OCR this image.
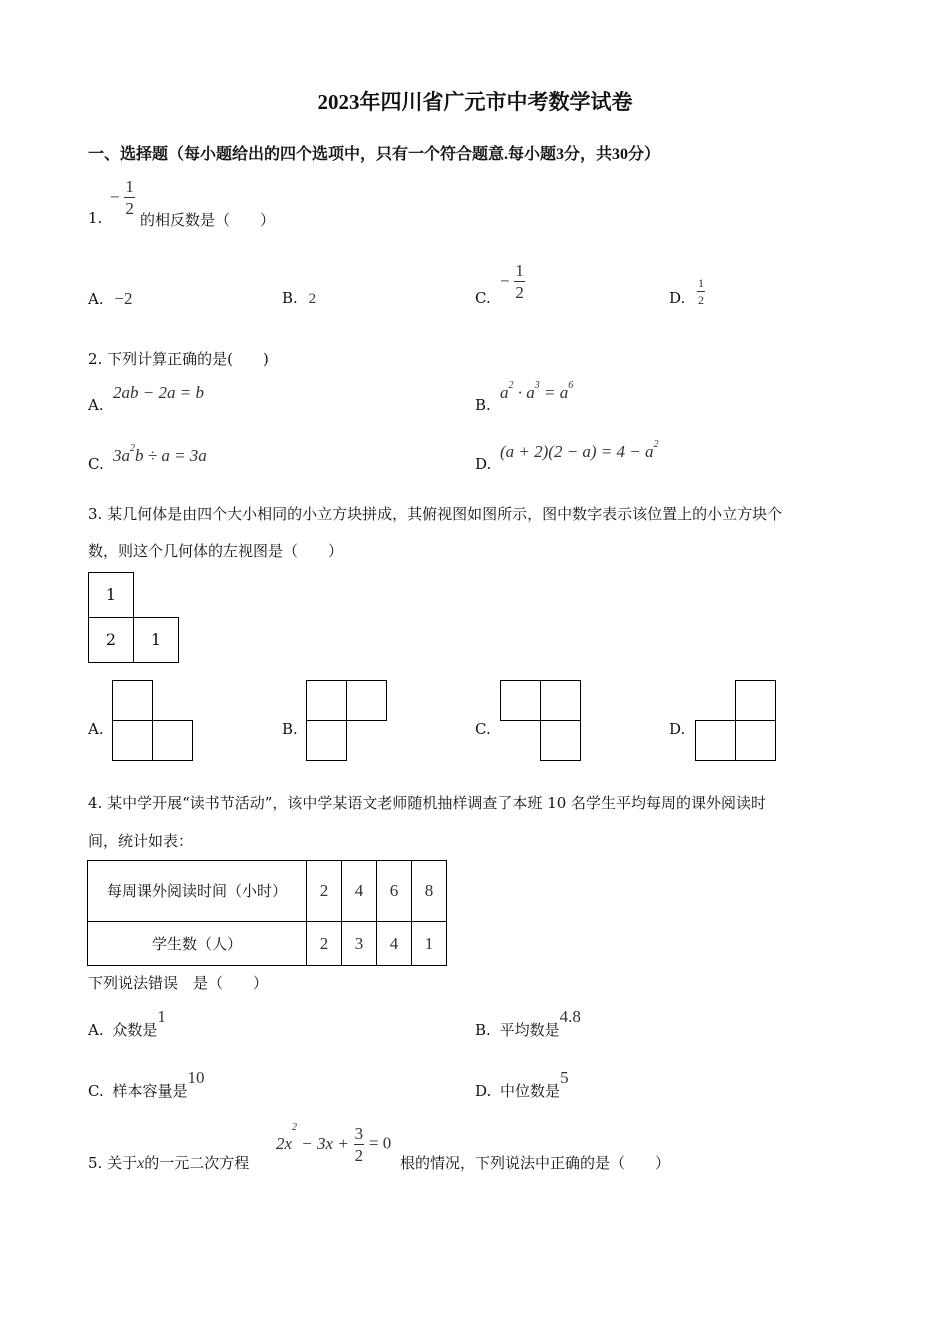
2023年四川省广元市中考数学试卷
一、选择题（每小题给出的四个选项中，只有一个符合题意.每小题3分，共30分）
1.
− $\frac{1}{2}$
的相反数是（　　）
A. −2	B. 2	C.
− $\frac{1}{2}$	D. $\frac{1}{2}$
2. 下列计算正确的是(　　)
A.
2ab − 2a = b
B.
$a^2 \cdot a^3 = a^6$
C. $3a^2b \div a = 3a$	D.
$(a + 2)(2 - a) = 4 - a^2$
3. 某几何体是由四个大小相同的小立方块拼成，其俯视图如图所示，图中数字表示该位置上的小立方块个
数，则这个几何体的左视图是（　　）
1
2	1
A.	B.	C.	D.
4. 某中学开展“读书节活动”，该中学某语文老师随机抽样调查了本班 10 名学生平均每周的课外阅读时
间，统计如表：
每周课外阅读时间（小时）	2	4	6	8
学生数（人）	2	3	4	1
下列说法错误　是（　　）
A. 众数是1
B. 平均数是4.8
C. 样本容量是10
D. 中位数是5
5. 关于x的一元二次方程
$2x^2 - 3x + \frac{3}{2} = 0$
根的情况，下列说法中正确的是（　　）
